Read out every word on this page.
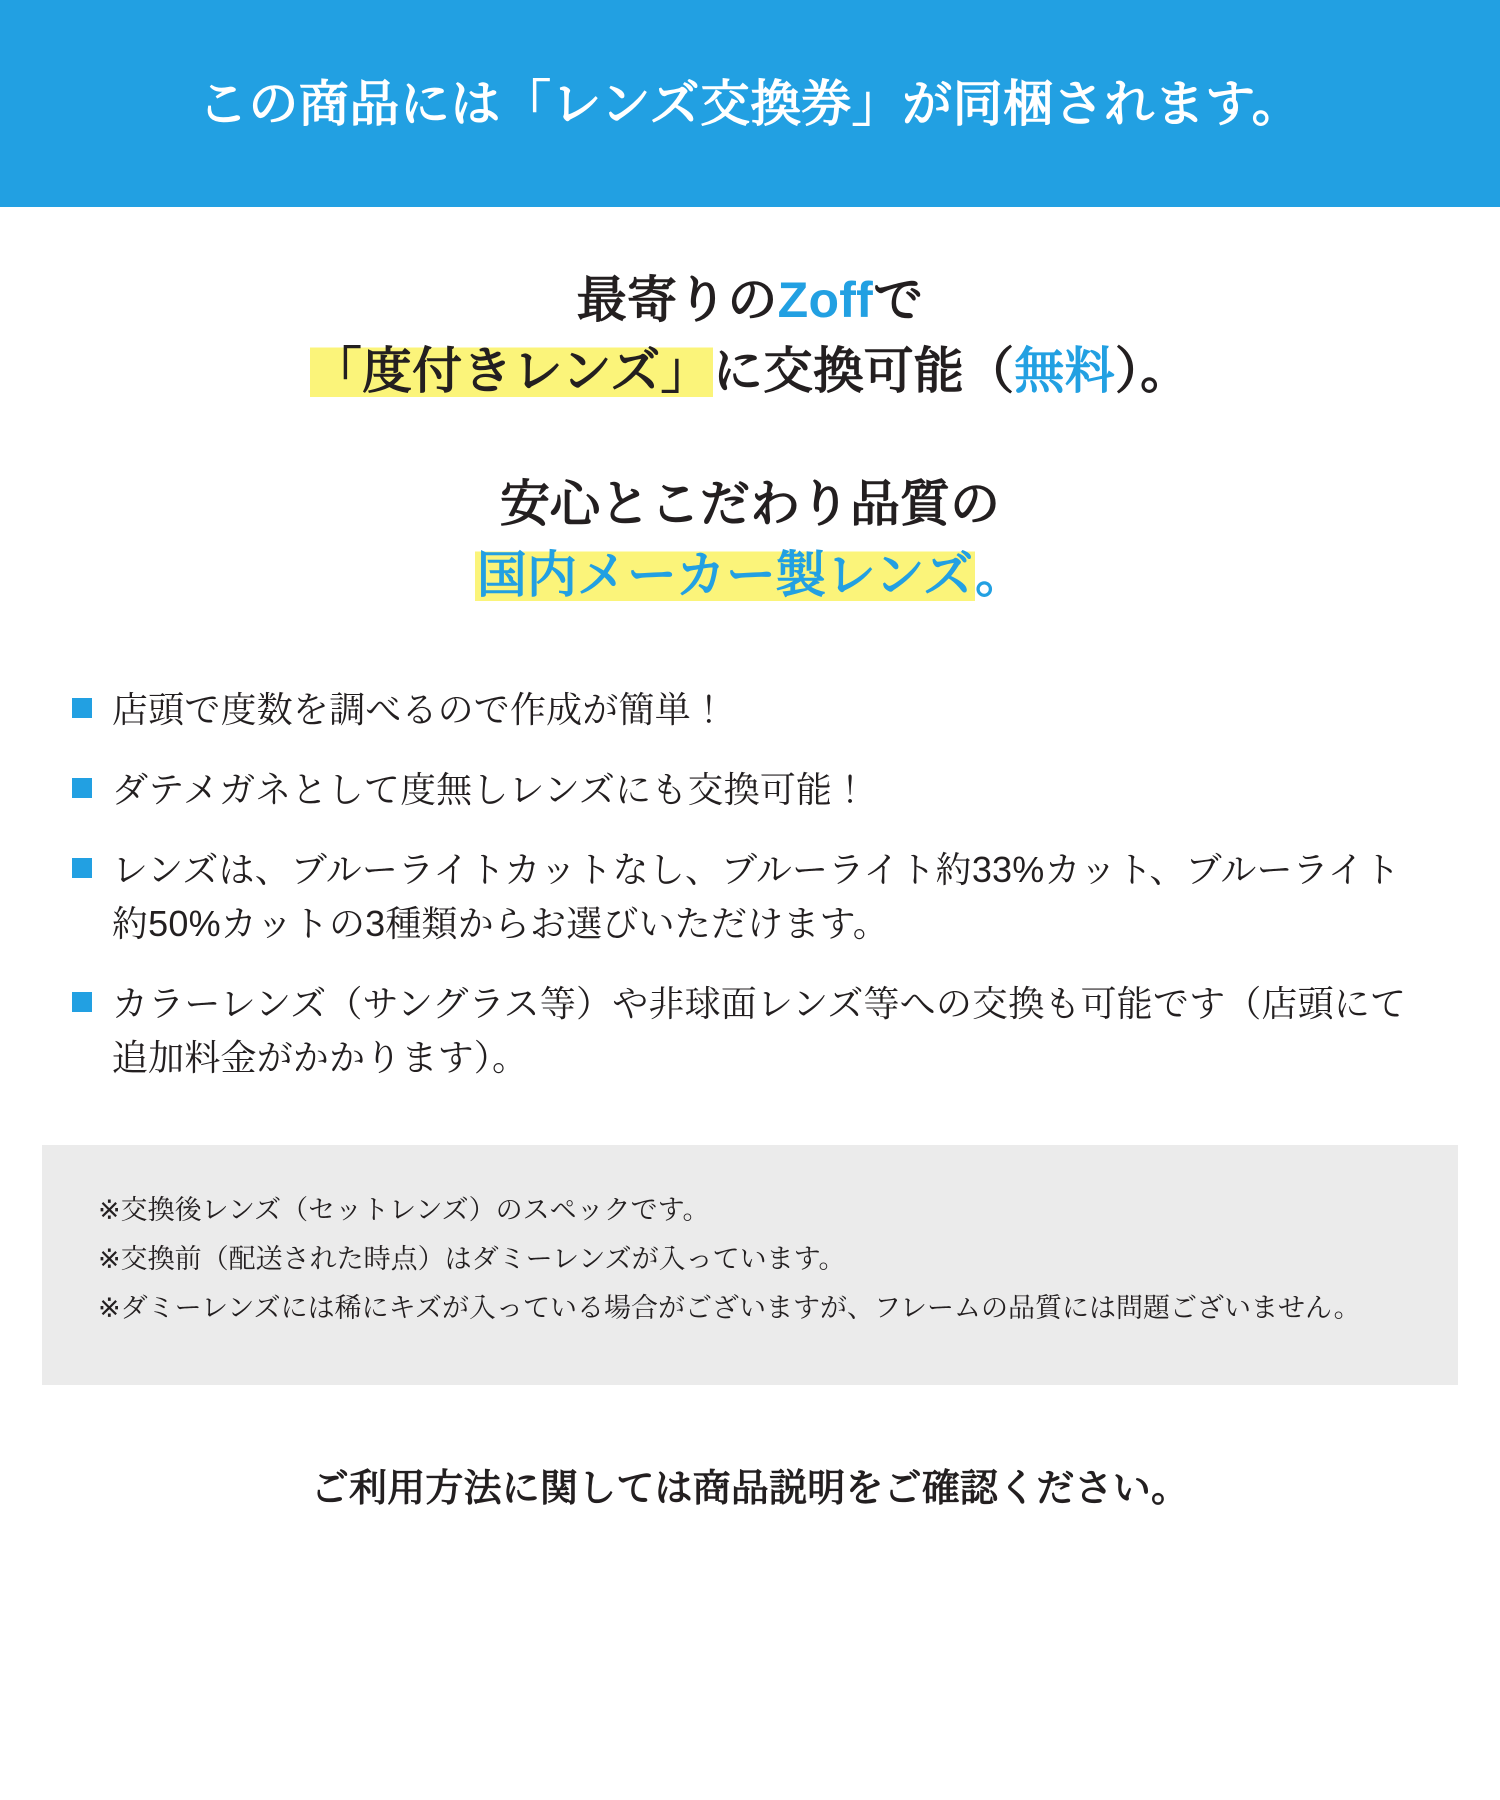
この商品には「レンズ交換券」が同梱されます。
最寄りのZoffで
「度付きレンズ」に交換可能（無料）。
安心とこだわり品質の
国内メーカー製レンズ。
店頭で度数を調べるので作成が簡単！
ダテメガネとして度無しレンズにも交換可能！
レンズは、ブルーライトカットなし、ブルーライト約33%カット、ブルーライト約50%カットの3種類からお選びいただけます。
カラーレンズ（サングラス等）や非球面レンズ等への交換も可能です（店頭にて追加料金がかかります）。
※ 交換後レンズ（セットレンズ）のスペックです。
※ 交換前（配送された時点）はダミーレンズが入っています。
※ ダミーレンズには稀にキズが入っている場合がございますが、フレームの品質には問題ございません。
ご利用方法に関しては商品説明をご確認ください。
